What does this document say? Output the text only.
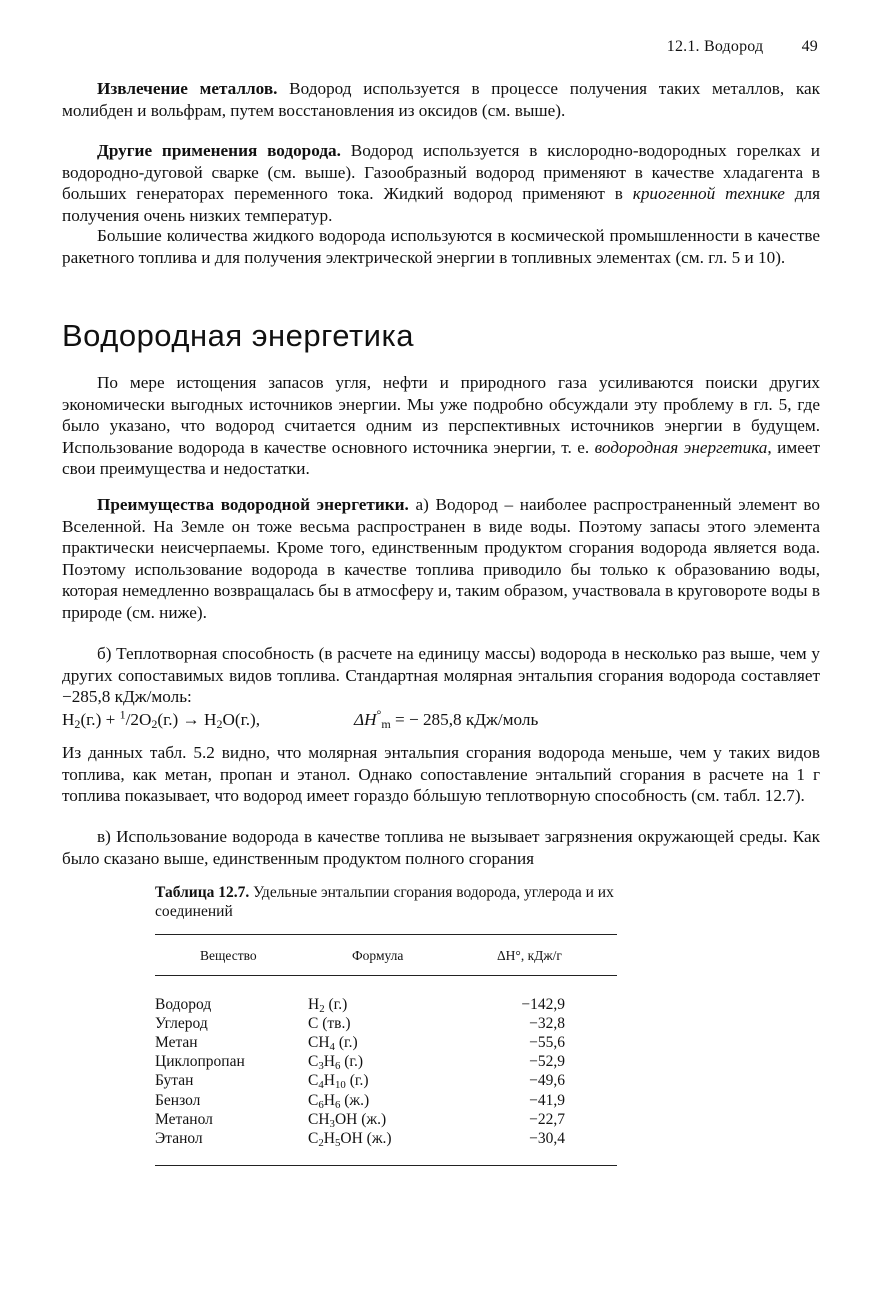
12.1. Водород 49

Извлечение металлов. Водород используется в процессе получения таких металлов, как молибден и вольфрам, путем восстановления из оксидов (см. выше).

Другие применения водорода. Водород используется в кислородно-водородных горелках и водородно-дуговой сварке (см. выше). Газообразный водород применяют в качестве хладагента в больших генераторах переменного тока. Жидкий водород применяют в криогенной технике для получения очень низких температур.

Большие количества жидкого водорода используются в космической промышленности в качестве ракетного топлива и для получения электрической энергии в топливных элементах (см. гл. 5 и 10).

Водородная энергетика

По мере истощения запасов угля, нефти и природного газа усиливаются поиски других экономически выгодных источников энергии. Мы уже подробно обсуждали эту проблему в гл. 5, где было указано, что водород считается одним из перспективных источников энергии в будущем. Использование водорода в качестве основного источника энергии, т. е. водородная энергетика, имеет свои преимущества и недостатки.

Преимущества водородной энергетики. а) Водород – наиболее распространенный элемент во Вселенной. На Земле он тоже весьма распространен в виде воды. Поэтому запасы этого элемента практически неисчерпаемы. Кроме того, единственным продуктом сгорания водорода является вода. Поэтому использование водорода в качестве топлива приводило бы только к образованию воды, которая немедленно возвращалась бы в атмосферу и, таким образом, участвовала в круговороте воды в природе (см. ниже).

б) Теплотворная способность (в расчете на единицу массы) водорода в несколько раз выше, чем у других сопоставимых видов топлива. Стандартная молярная энтальпия сгорания водорода составляет −285,8 кДж/моль:

$H_2(г.) + ^1/2O_2(г.) \to H_2O(г.)$,	$\Delta H^\circ_m$ = − 285,8 кДж/моль

Из данных табл. 5.2 видно, что молярная энтальпия сгорания водорода меньше, чем у таких видов топлива, как метан, пропан и этанол. Однако сопоставление энтальпий сгорания в расчете на 1 г топлива показывает, что водород имеет гораздо бóльшую теплотворную способность (см. табл. 12.7).

в) Использование водорода в качестве топлива не вызывает загрязнения окружающей среды. Как было сказано выше, единственным продуктом полного сгорания

Таблица 12.7. Удельные энтальпии сгорания водорода, углерода и их соединений
Вещество	Формула	ΔH°, кДж/г
Водород	$H_2$ (г.)	−142,9
Углерод	C (тв.)	−32,8
Метан	$CH_4$ (г.)	−55,6
Циклопропан	$C_3H_6$ (г.)	−52,9
Бутан	$C_4H_{10}$ (г.)	−49,6
Бензол	$C_6H_6$ (ж.)	−41,9
Метанол	$CH_3OH$ (ж.)	−22,7
Этанол	$C_2H_5OH$ (ж.)	−30,4
